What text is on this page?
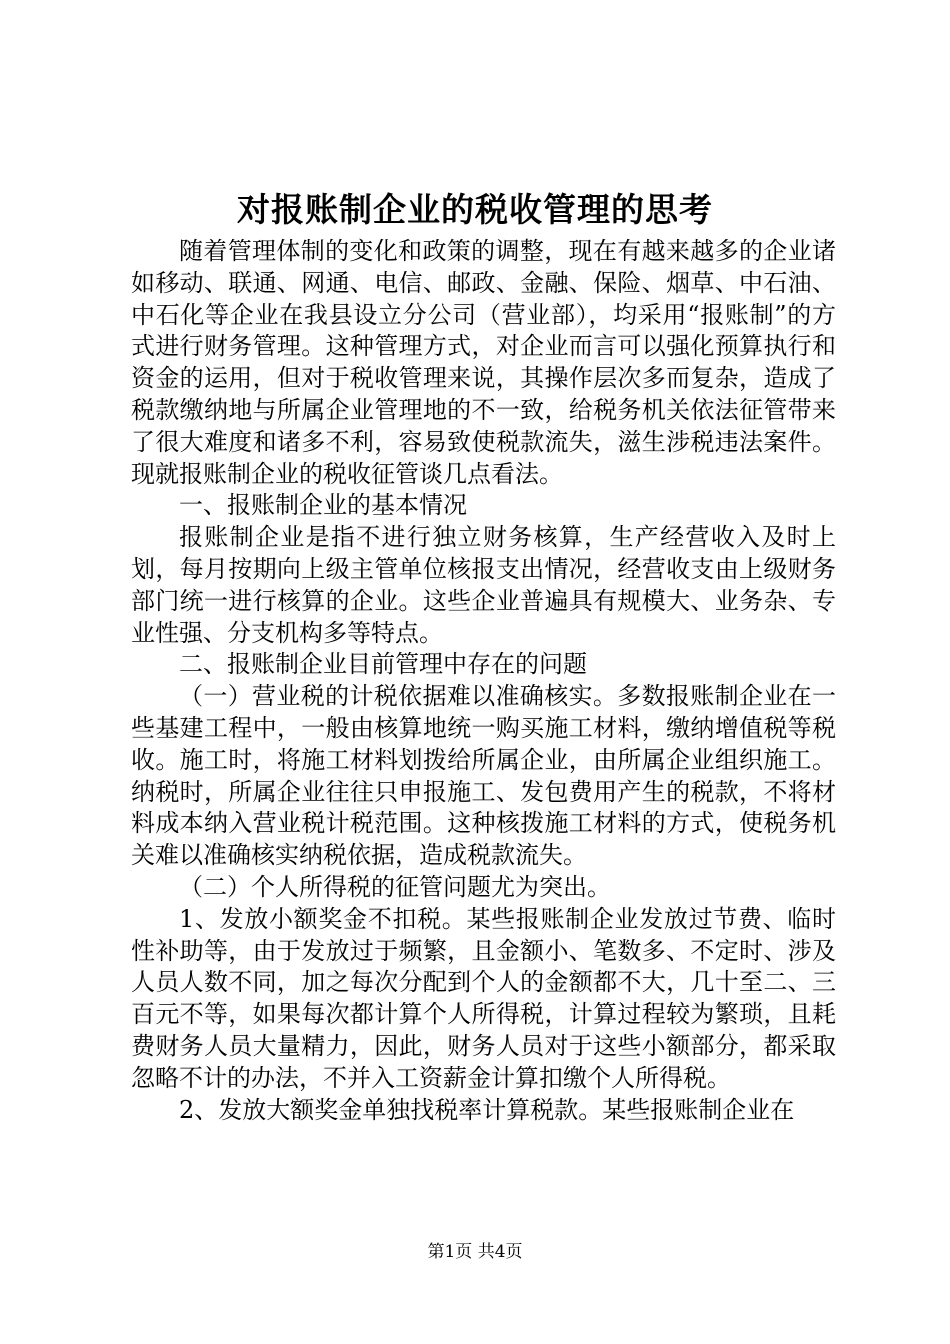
对报账制企业的税收管理的思考

随着管理体制的变化和政策的调整，现在有越来越多的企业诸如移动、联通、网通、电信、邮政、金融、保险、烟草、中石油、中石化等企业在我县设立分公司（营业部），均采用“报账制”的方式进行财务管理。这种管理方式，对企业而言可以强化预算执行和资金的运用，但对于税收管理来说，其操作层次多而复杂，造成了税款缴纳地与所属企业管理地的不一致，给税务机关依法征管带来了很大难度和诸多不利，容易致使税款流失，滋生涉税违法案件。现就报账制企业的税收征管谈几点看法。

一、报账制企业的基本情况

报账制企业是指不进行独立财务核算，生产经营收入及时上划，每月按期向上级主管单位核报支出情况，经营收支由上级财务部门统一进行核算的企业。这些企业普遍具有规模大、业务杂、专业性强、分支机构多等特点。

二、报账制企业目前管理中存在的问题

（一）营业税的计税依据难以准确核实。多数报账制企业在一些基建工程中，一般由核算地统一购买施工材料，缴纳增值税等税收。施工时，将施工材料划拨给所属企业，由所属企业组织施工。纳税时，所属企业往往只申报施工、发包费用产生的税款，不将材料成本纳入营业税计税范围。这种核拨施工材料的方式，使税务机关难以准确核实纳税依据，造成税款流失。

（二）个人所得税的征管问题尤为突出。

1、发放小额奖金不扣税。某些报账制企业发放过节费、临时性补助等，由于发放过于频繁，且金额小、笔数多、不定时、涉及人员人数不同，加之每次分配到个人的金额都不大，几十至二、三百元不等，如果每次都计算个人所得税，计算过程较为繁琐，且耗费财务人员大量精力，因此，财务人员对于这些小额部分，都采取忽略不计的办法，不并入工资薪金计算扣缴个人所得税。

2、发放大额奖金单独找税率计算税款。某些报账制企业在

第1页 共4页
